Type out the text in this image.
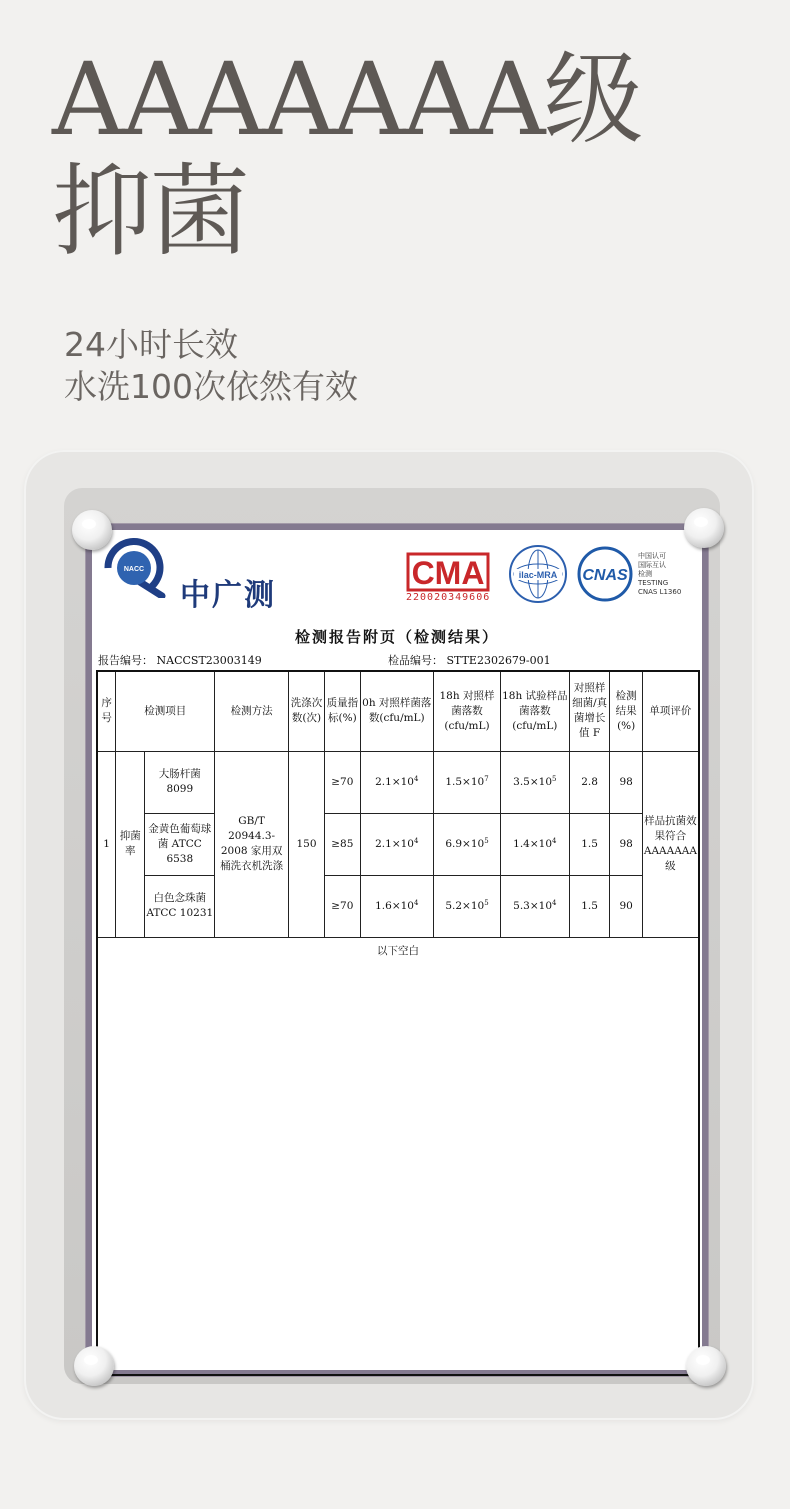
AAAAAAA级
抑菌
24小时长效
水洗100次依然有效
NACC
中广测
CMA
220020349606
ilac-MRA CNAS
中国认可
国际互认
检测
TESTING
CNAS L1360
检测报告附页（检测结果）
报告编号： NACCST23003149	检品编号： STTE2302679-001
序号	检测项目		检测方法	洗涤次数(次)	质量指标(%)	0h 对照样菌落数(cfu/mL)	18h 对照样菌落数(cfu/mL)	18h 试验样品菌落数(cfu/mL)	对照样细菌/真菌增长值 F	检测结果(%)	单项评价
1	抑菌率	大肠杆菌 8099	GB/T 20944.3-2008 家用双桶洗衣机洗涤	150	≥70	$2.1\times 10^4$	$1.5\times 10^7$	$3.5\times 10^5$	2.8	98	样品抗菌效果符合AAAAAAA级
		金黄色葡萄球菌 ATCC 6538			≥85	$2.1\times 10^4$	$6.9\times 10^5$	$1.4\times 10^4$	1.5	98	
		白色念珠菌 ATCC 10231			≥70	$1.6\times 10^4$	$5.2\times 10^5$	$5.3\times 10^4$	1.5	90	
以下空白											
